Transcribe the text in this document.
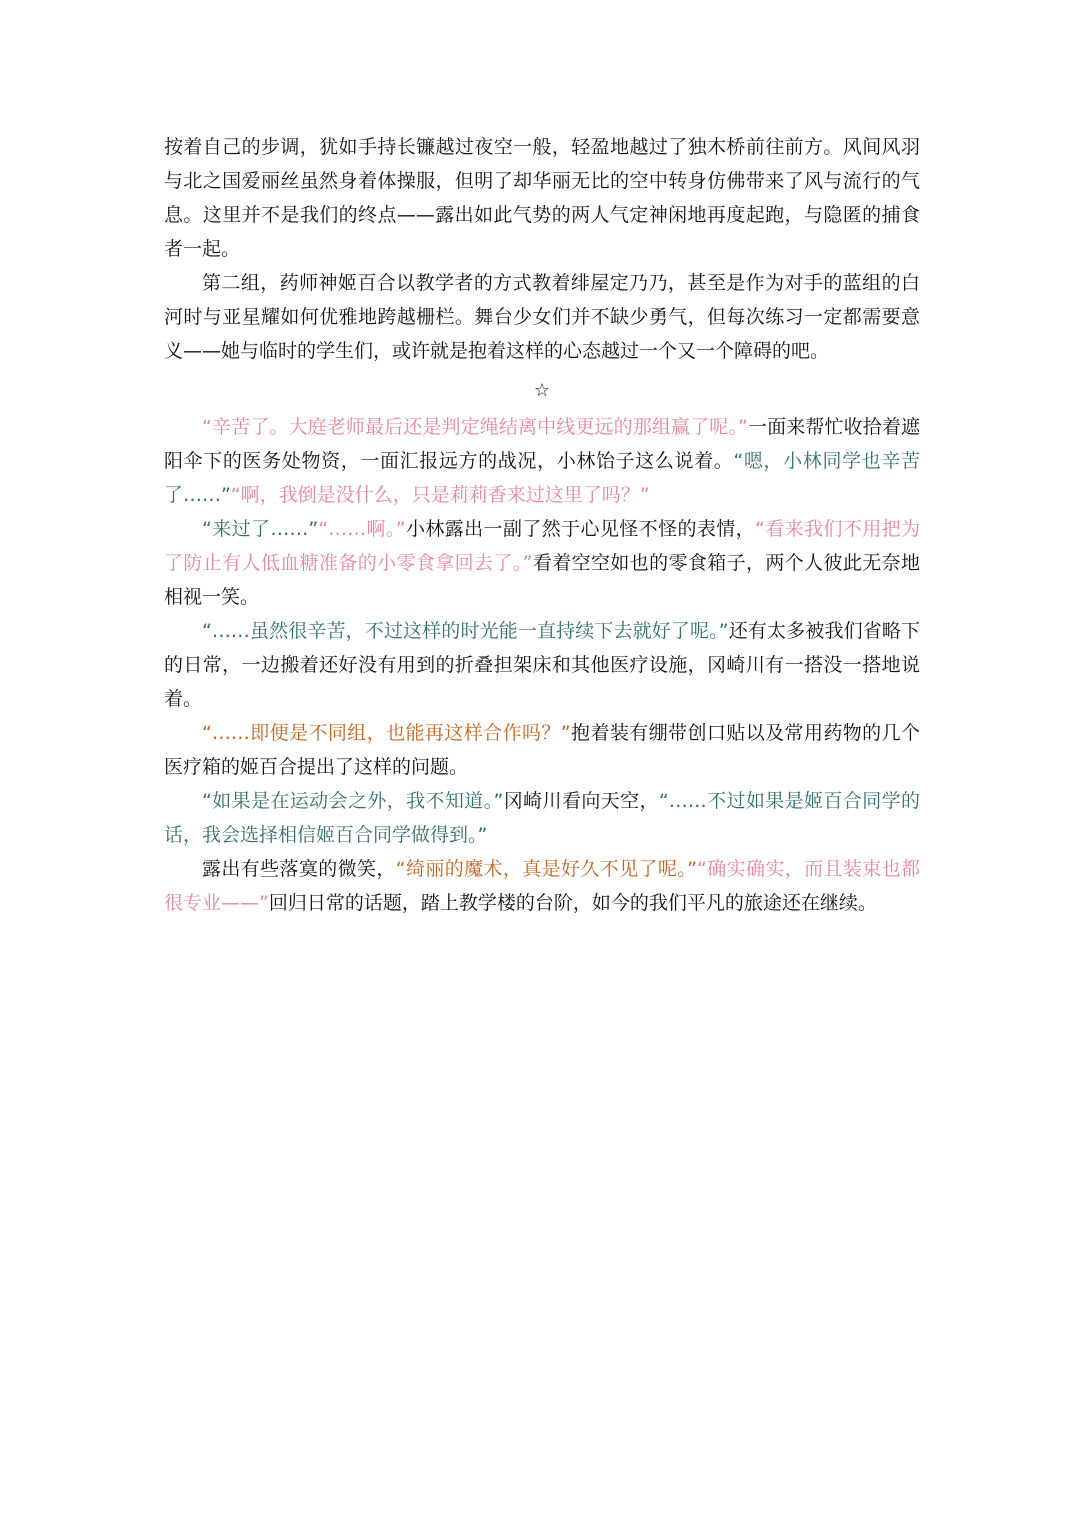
按着自己的步调，犹如手持长镰越过夜空一般，轻盈地越过了独木桥前往前方。风间风羽与北之国爱丽丝虽然身着体操服，但明了却华丽无比的空中转身仿佛带来了风与流行的气息。这里并不是我们的终点——露出如此气势的两人气定神闲地再度起跑，与隐匿的捕食者一起。

第二组，药师神姬百合以教学者的方式教着绯屋定乃乃，甚至是作为对手的蓝组的白河时与亚星耀如何优雅地跨越栅栏。舞台少女们并不缺少勇气，但每次练习一定都需要意义——她与临时的学生们，或许就是抱着这样的心态越过一个又一个障碍的吧。

☆

“辛苦了。大庭老师最后还是判定绳结离中线更远的那组赢了呢。”一面来帮忙收拾着遮阳伞下的医务处物资，一面汇报远方的战况，小林饴子这么说着。“嗯，小林同学也辛苦了……”“啊，我倒是没什么，只是莉莉香来过这里了吗？”

“来过了……”“……啊。”小林露出一副了然于心见怪不怪的表情，“看来我们不用把为了防止有人低血糖准备的小零食拿回去了。”看着空空如也的零食箱子，两个人彼此无奈地相视一笑。

“……虽然很辛苦，不过这样的时光能一直持续下去就好了呢。”还有太多被我们省略下的日常，一边搬着还好没有用到的折叠担架床和其他医疗设施，冈崎川有一搭没一搭地说着。

“……即便是不同组，也能再这样合作吗？”抱着装有绷带创口贴以及常用药物的几个医疗箱的姬百合提出了这样的问题。

“如果是在运动会之外，我不知道。”冈崎川看向天空，“……不过如果是姬百合同学的话，我会选择相信姬百合同学做得到。”

露出有些落寞的微笑，“绮丽的魔术，真是好久不见了呢。”“确实确实，而且装束也都很专业——”回归日常的话题，踏上教学楼的台阶，如今的我们平凡的旅途还在继续。
